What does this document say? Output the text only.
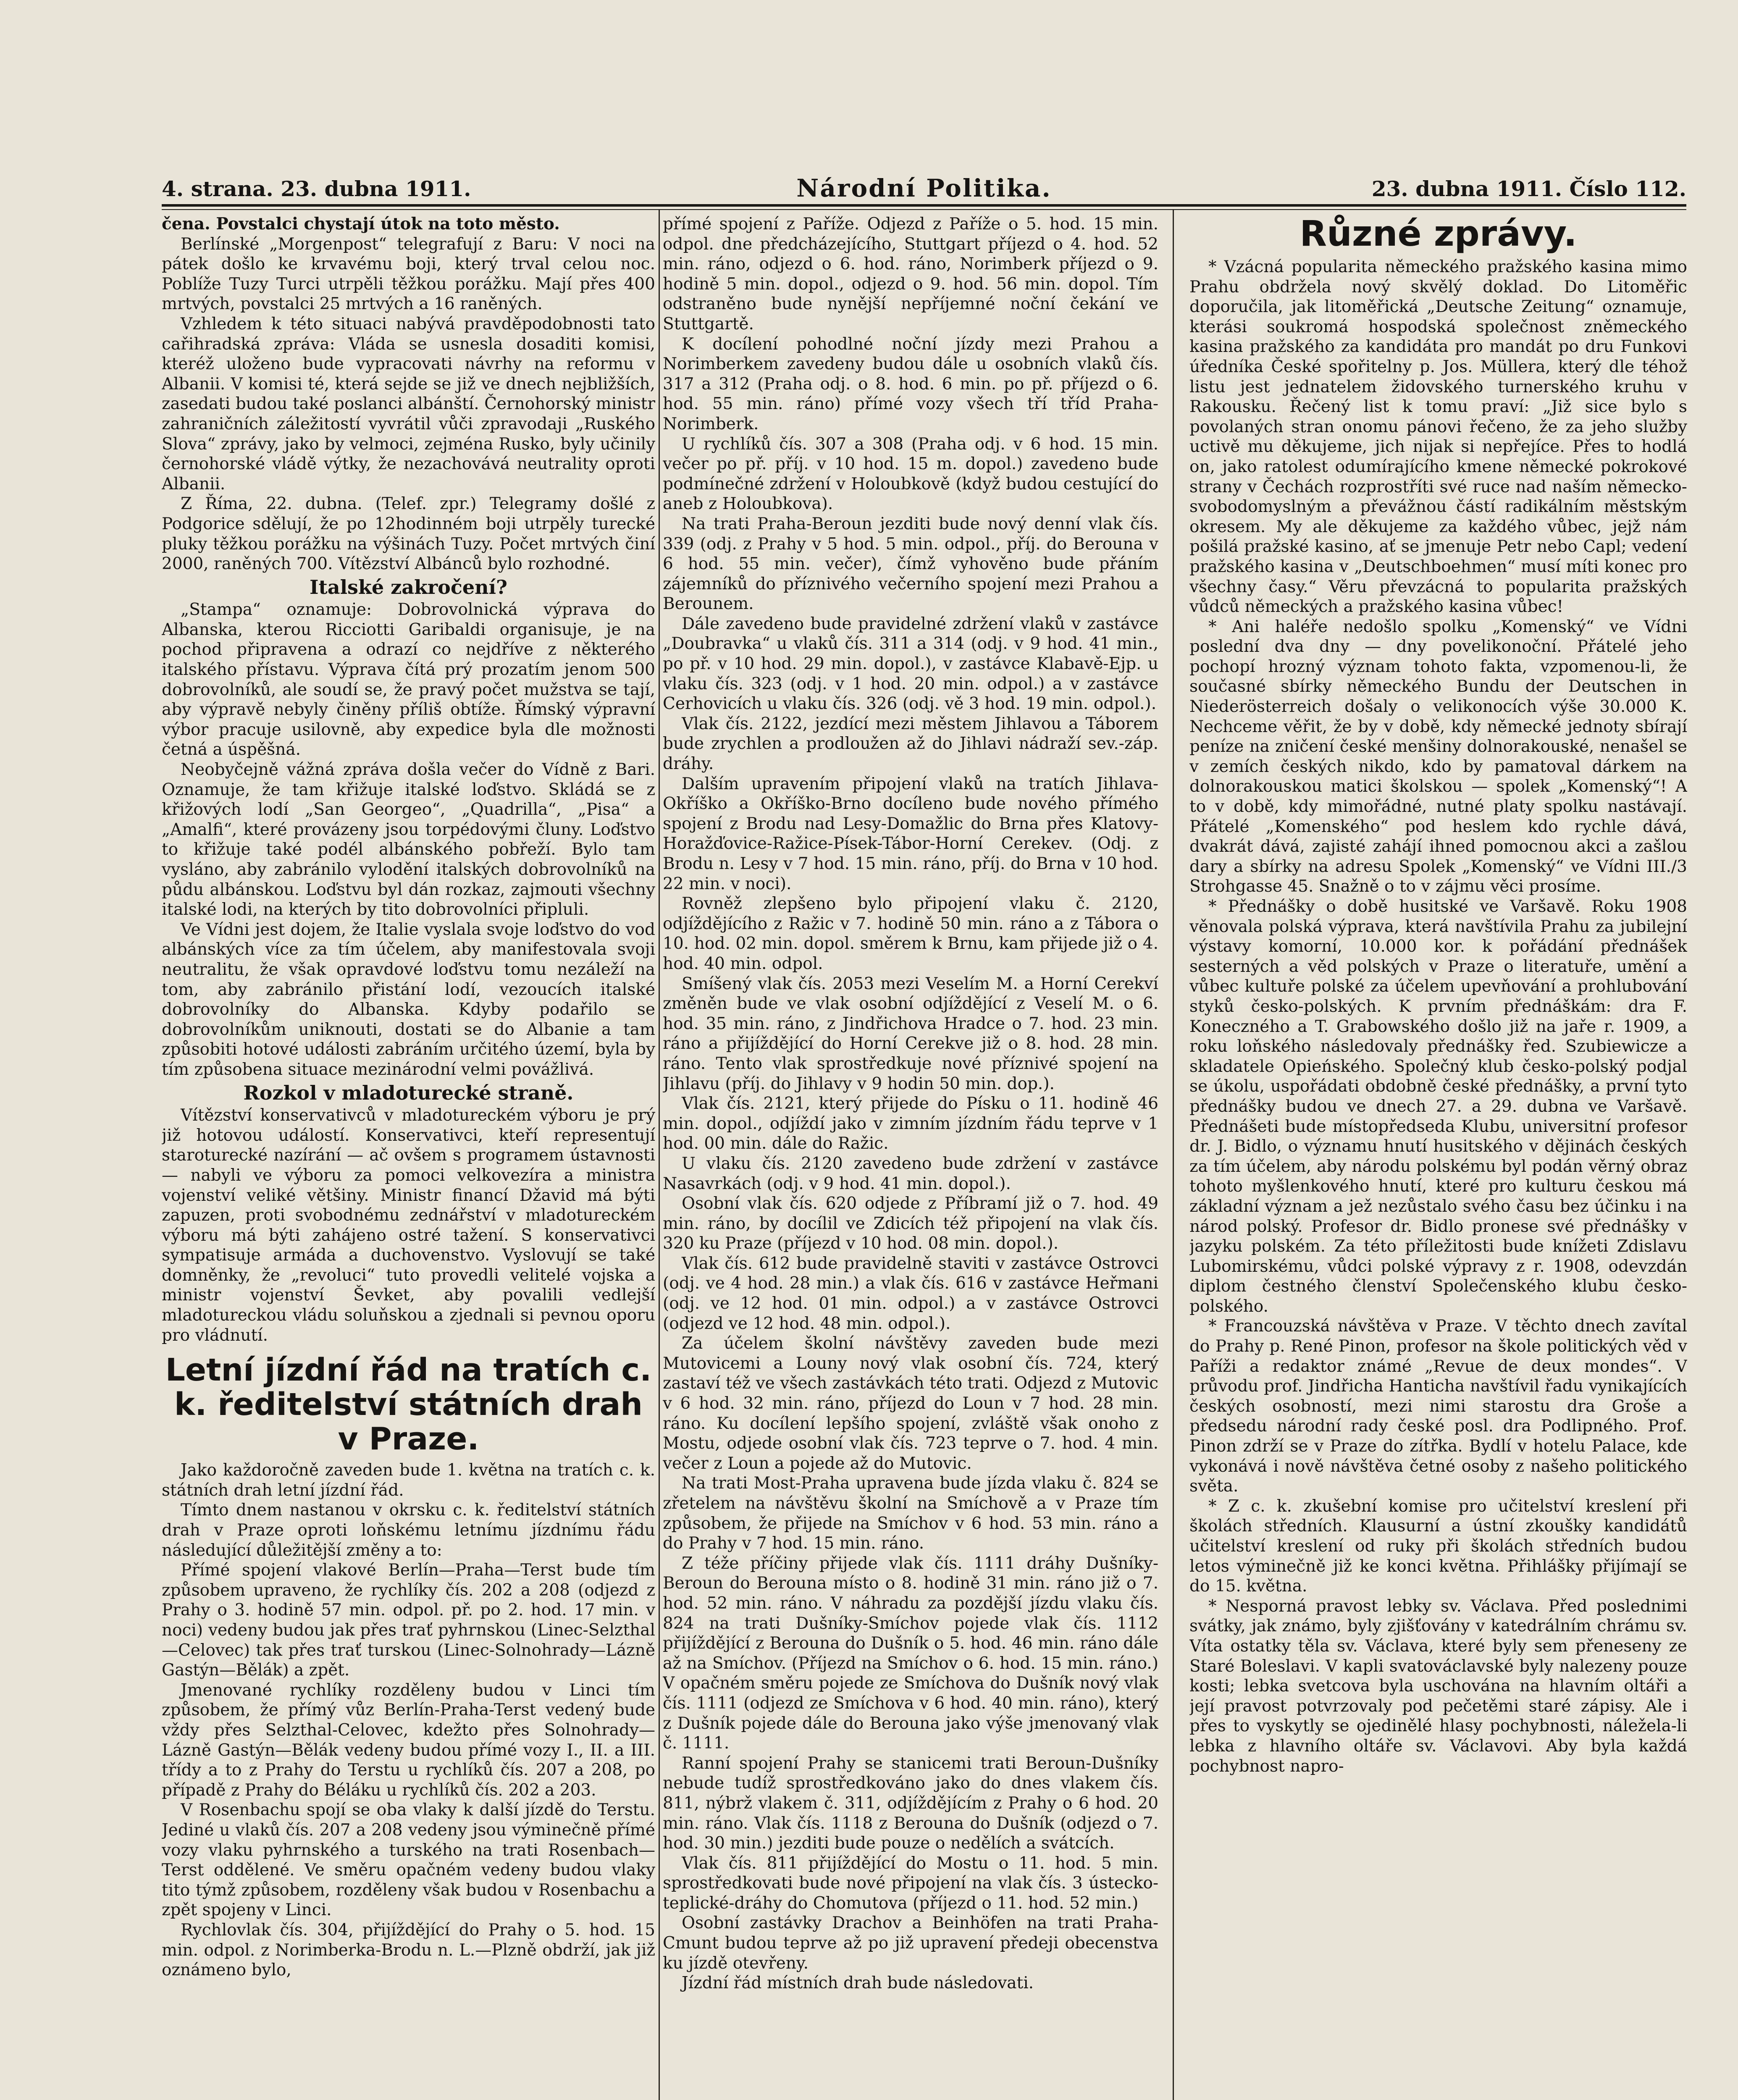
4. strana. 23. dubna 1911.	Národní Politika.	23. dubna 1911. Číslo 112.

čena. Povstalci chystají útok na toto město.

Berlínské „Morgenpost“ telegrafují z Baru: V noci na pátek došlo ke krvavému boji, který trval celou noc. Poblíže Tuzy Turci utrpěli těžkou porážku. Mají přes 400 mrtvých, povstalci 25 mrtvých a 16 raněných.

Vzhledem k této situaci nabývá pravděpodobnosti tato cařihradská zpráva: Vláda se usnesla dosaditi komisi, kteréž uloženo bude vypracovati návrhy na reformu v Albanii. V komisi té, která sejde se již ve dnech nejbližších, zasedati budou také poslanci albánští. Černohorský ministr zahraničních záležitostí vyvrátil vůči zpravodaji „Ruského Slova“ zprávy, jako by velmoci, zejména Rusko, byly učinily černohorské vládě výtky, že nezachovává neutrality oproti Albanii.

Z Říma, 22. dubna. (Telef. zpr.) Telegramy došlé z Podgorice sdělují, že po 12hodinném boji utrpěly turecké pluky těžkou porážku na výšinách Tuzy. Počet mrtvých činí 2000, raněných 700. Vítězství Albánců bylo rozhodné.

Italské zakročení?

„Stampa“ oznamuje: Dobrovolnická výprava do Albanska, kterou Ricciotti Garibaldi organisuje, je na pochod připravena a odrazí co nejdříve z některého italského přístavu. Výprava čítá prý prozatím jenom 500 dobrovolníků, ale soudí se, že pravý počet mužstva se tají, aby výpravě nebyly činěny příliš obtíže. Římský výpravní výbor pracuje usilovně, aby expedice byla dle možnosti četná a úspěšná.

Neobyčejně vážná zpráva došla večer do Vídně z Bari. Oznamuje, že tam křižuje italské loďstvo. Skládá se z křižových lodí „San Georgeo“, „Quadrilla“, „Pisa“ a „Amalfi“, které provázeny jsou torpédovými čluny. Loďstvo to křižuje také podél albánského pobřeží. Bylo tam vysláno, aby zabránilo vylodění italských dobrovolníků na půdu albánskou. Loďstvu byl dán rozkaz, zajmouti všechny italské lodi, na kterých by tito dobrovolníci připluli.

Ve Vídni jest dojem, že Italie vyslala svoje loďstvo do vod albánských více za tím účelem, aby manifestovala svoji neutralitu, že však opravdové loďstvu tomu nezáleží na tom, aby zabránilo přistání lodí, vezoucích italské dobrovolníky do Albanska. Kdyby podařilo se dobrovolníkům uniknouti, dostati se do Albanie a tam způsobiti hotové události zabráním určitého území, byla by tím způsobena situace mezinárodní velmi povážlivá.

Rozkol v mladoturecké straně.

Vítězství konservativců v mladotureckém výboru je prý již hotovou událostí. Konservativci, kteří representují staroturecké nazírání — ač ovšem s programem ústavnosti — nabyli ve výboru za pomoci velkovezíra a ministra vojenství veliké většiny. Ministr financí Džavid má býti zapuzen, proti svobodnému zednářství v mladotureckém výboru má býti zahájeno ostré tažení. S konservativci sympatisuje armáda a duchovenstvo. Vyslovují se také domněnky, že „revoluci“ tuto provedli velitelé vojska a ministr vojenství Ševket, aby povalili vedlejší mladotureckou vládu soluňskou a zjednali si pevnou oporu pro vládnutí.

Letní jízdní řád na tratích c. k. ředitelství státních drah v Praze.

Jako každoročně zaveden bude 1. května na tratích c. k. státních drah letní jízdní řád.

Tímto dnem nastanou v okrsku c. k. ředitelství státních drah v Praze oproti loňskému letnímu jízdnímu řádu následující důležitější změny a to:

Přímé spojení vlakové Berlín—Praha—Terst bude tím způsobem upraveno, že rychlíky čís. 202 a 208 (odjezd z Prahy o 3. hodině 57 min. odpol. př. po 2. hod. 17 min. v noci) vedeny budou jak přes trať pyhrnskou (Linec-Selzthal—Celovec) tak přes trať turskou (Linec-Solnohrady—Lázně Gastýn—Bělák) a zpět.

Jmenované rychlíky rozděleny budou v Linci tím způsobem, že přímý vůz Berlín-Praha-Terst vedený bude vždy přes Selzthal-Celovec, kdežto přes Solnohrady—Lázně Gastýn—Bělák vedeny budou přímé vozy I., II. a III. třídy a to z Prahy do Terstu u rychlíků čís. 207 a 208, po případě z Prahy do Béláku u rychlíků čís. 202 a 203.

V Rosenbachu spojí se oba vlaky k další jízdě do Terstu. Jediné u vlaků čís. 207 a 208 vedeny jsou výminečně přímé vozy vlaku pyhrnského a turského na trati Rosenbach—Terst oddělené. Ve směru opačném vedeny budou vlaky tito týmž způsobem, rozděleny však budou v Rosenbachu a zpět spojeny v Linci.

Rychlovlak čís. 304, přijíždějící do Prahy o 5. hod. 15 min. odpol. z Norimberka-Brodu n. L.—Plzně obdrží, jak již oznámeno bylo,

přímé spojení z Paříže. Odjezd z Paříže o 5. hod. 15 min. odpol. dne předcházejícího, Stuttgart příjezd o 4. hod. 52 min. ráno, odjezd o 6. hod. ráno, Norimberk příjezd o 9. hodině 5 min. dopol., odjezd o 9. hod. 56 min. dopol. Tím odstraněno bude nynější nepříjemné noční čekání ve Stuttgartě.

K docílení pohodlné noční jízdy mezi Prahou a Norimberkem zavedeny budou dále u osobních vlaků čís. 317 a 312 (Praha odj. o 8. hod. 6 min. po př. příjezd o 6. hod. 55 min. ráno) přímé vozy všech tří tříd Praha-Norimberk.

U rychlíků čís. 307 a 308 (Praha odj. v 6 hod. 15 min. večer po př. příj. v 10 hod. 15 m. dopol.) zavedeno bude podmínečné zdržení v Holoubkově (když budou cestující do aneb z Holoubkova).

Na trati Praha-Beroun jezditi bude nový denní vlak čís. 339 (odj. z Prahy v 5 hod. 5 min. odpol., příj. do Berouna v 6 hod. 55 min. večer), čímž vyhověno bude přáním zájemníků do příznivého večerního spojení mezi Prahou a Berounem.

Dále zavedeno bude pravidelné zdržení vlaků v zastávce „Doubravka“ u vlaků čís. 311 a 314 (odj. v 9 hod. 41 min., po př. v 10 hod. 29 min. dopol.), v zastávce Klabavě-Ejp. u vlaku čís. 323 (odj. v 1 hod. 20 min. odpol.) a v zastávce Cerhovicích u vlaku čís. 326 (odj. vě 3 hod. 19 min. odpol.).

Vlak čís. 2122, jezdící mezi městem Jihlavou a Táborem bude zrychlen a prodloužen až do Jihlavi nádraží sev.-záp. dráhy.

Dalším upravením připojení vlaků na tratích Jihlava-Okříško a Okříško-Brno docíleno bude nového přímého spojení z Brodu nad Lesy-Domažlic do Brna přes Klatovy-Horažďovice-Ražice-Písek-Tábor-Horní Cerekev. (Odj. z Brodu n. Lesy v 7 hod. 15 min. ráno, příj. do Brna v 10 hod. 22 min. v noci).

Rovněž zlepšeno bylo připojení vlaku č. 2120, odjíždějícího z Ražic v 7. hodině 50 min. ráno a z Tábora o 10. hod. 02 min. dopol. směrem k Brnu, kam přijede již o 4. hod. 40 min. odpol.

Smíšený vlak čís. 2053 mezi Veselím M. a Horní Cerekví změněn bude ve vlak osobní odjíždějící z Veselí M. o 6. hod. 35 min. ráno, z Jindřichova Hradce o 7. hod. 23 min. ráno a přijíždějící do Horní Cerekve již o 8. hod. 28 min. ráno. Tento vlak sprostředkuje nové příznivé spojení na Jihlavu (příj. do Jihlavy v 9 hodin 50 min. dop.).

Vlak čís. 2121, který přijede do Písku o 11. hodině 46 min. dopol., odjíždí jako v zimním jízdním řádu teprve v 1 hod. 00 min. dále do Ražic.

U vlaku čís. 2120 zavedeno bude zdržení v zastávce Nasavrkách (odj. v 9 hod. 41 min. dopol.).

Osobní vlak čís. 620 odjede z Příbramí již o 7. hod. 49 min. ráno, by docílil ve Zdicích též připojení na vlak čís. 320 ku Praze (příjezd v 10 hod. 08 min. dopol.).

Vlak čís. 612 bude pravidelně staviti v zastávce Ostrovci (odj. ve 4 hod. 28 min.) a vlak čís. 616 v zastávce Heřmani (odj. ve 12 hod. 01 min. odpol.) a v zastávce Ostrovci (odjezd ve 12 hod. 48 min. odpol.).

Za účelem školní návštěvy zaveden bude mezi Mutovicemi a Louny nový vlak osobní čís. 724, který zastaví též ve všech zastávkách této trati. Odjezd z Mutovic v 6 hod. 32 min. ráno, příjezd do Loun v 7 hod. 28 min. ráno. Ku docílení lepšího spojení, zvláště však onoho z Mostu, odjede osobní vlak čís. 723 teprve o 7. hod. 4 min. večer z Loun a pojede až do Mutovic.

Na trati Most-Praha upravena bude jízda vlaku č. 824 se zřetelem na návštěvu školní na Smíchově a v Praze tím způsobem, že přijede na Smíchov v 6 hod. 53 min. ráno a do Prahy v 7 hod. 15 min. ráno.

Z téže příčiny přijede vlak čís. 1111 dráhy Dušníky-Beroun do Berouna místo o 8. hodině 31 min. ráno již o 7. hod. 52 min. ráno. V náhradu za pozdější jízdu vlaku čís. 824 na trati Dušníky-Smíchov pojede vlak čís. 1112 přijíždějící z Berouna do Dušník o 5. hod. 46 min. ráno dále až na Smíchov. (Příjezd na Smíchov o 6. hod. 15 min. ráno.) V opačném směru pojede ze Smíchova do Dušník nový vlak čís. 1111 (odjezd ze Smíchova v 6 hod. 40 min. ráno), který z Dušník pojede dále do Berouna jako výše jmenovaný vlak č. 1111.

Ranní spojení Prahy se stanicemi trati Beroun-Dušníky nebude tudíž sprostředkováno jako do dnes vlakem čís. 811, nýbrž vlakem č. 311, odjíždějícím z Prahy o 6 hod. 20 min. ráno. Vlak čís. 1118 z Berouna do Dušník (odjezd o 7. hod. 30 min.) jezditi bude pouze o nedělích a svátcích.

Vlak čís. 811 přijíždějící do Mostu o 11. hod. 5 min. sprostředkovati bude nové připojení na vlak čís. 3 ústecko-teplické-dráhy do Chomutova (příjezd o 11. hod. 52 min.)

Osobní zastávky Drachov a Beinhöfen na trati Praha-Cmunt budou teprve až po již upravení předeji obecenstva ku jízdě otevřeny.

Jízdní řád místních drah bude následovati.

Různé zprávy.

* Vzácná popularita německého pražského kasina mimo Prahu obdržela nový skvělý doklad. Do Litoměřic doporučila, jak litoměřická „Deutsche Zeitung“ oznamuje, kterási soukromá hospodská společnost zněmeckého kasina pražského za kandidáta pro mandát po dru Funkovi úředníka České spořitelny p. Jos. Müllera, který dle téhož listu jest jednatelem židovského turnerského kruhu v Rakousku. Řečený list k tomu praví: „Již sice bylo s povolaných stran onomu pánovi řečeno, že za jeho služby uctivě mu děkujeme, jich nijak si nepřejíce. Přes to hodlá on, jako ratolest odumírajícího kmene německé pokrokové strany v Čechách rozprostříti své ruce nad naším německo-svobodomyslným a převážnou částí radikálním městským okresem. My ale děkujeme za každého vůbec, jejž nám pošilá pražské kasino, ať se jmenuje Petr nebo Capl; vedení pražského kasina v „Deutschboehmen“ musí míti konec pro všechny časy.“ Věru převzácná to popularita pražských vůdců německých a pražského kasina vůbec!

* Ani haléře nedošlo spolku „Komenský“ ve Vídni poslední dva dny — dny povelikonoční. Přátelé jeho pochopí hrozný význam tohoto fakta, vzpomenou-li, že současné sbírky německého Bundu der Deutschen in Niederösterreich došaly o velikonocích výše 30.000 K. Nechceme věřit, že by v době, kdy německé jednoty sbírají peníze na zničení české menšiny dolnorakouské, nenašel se v zemích českých nikdo, kdo by pamatoval dárkem na dolnorakouskou matici školskou — spolek „Komenský“! A to v době, kdy mimořádné, nutné platy spolku nastávají. Přátelé „Komenského“ pod heslem kdo rychle dává, dvakrát dává, zajisté zahájí ihned pomocnou akci a zašlou dary a sbírky na adresu Spolek „Komenský“ ve Vídni III./3 Strohgasse 45. Snažně o to v zájmu věci prosíme.

* Přednášky o době husitské ve Varšavě. Roku 1908 věnovala polská výprava, která navštívila Prahu za jubilejní výstavy komorní, 10.000 kor. k pořádání přednášek sesterných a věd polských v Praze o literatuře, umění a vůbec kultuře polské za účelem upevňování a prohlubování styků česko-polských. K prvním přednáškám: dra F. Koneczného a T. Grabowského došlo již na jaře r. 1909, a roku loňského následovaly přednášky řed. Szubiewicze a skladatele Opieńského. Společný klub česko-polský podjal se úkolu, uspořádati obdobně české přednášky, a první tyto přednášky budou ve dnech 27. a 29. dubna ve Varšavě. Přednášeti bude místopředseda Klubu, universitní profesor dr. J. Bidlo, o významu hnutí husitského v dějinách českých za tím účelem, aby národu polskému byl podán věrný obraz tohoto myšlenkového hnutí, které pro kulturu českou má základní význam a jež nezůstalo svého času bez účinku i na národ polský. Profesor dr. Bidlo pronese své přednášky v jazyku polském. Za této příležitosti bude knížeti Zdislavu Lubomirskému, vůdci polské výpravy z r. 1908, odevzdán diplom čestného členství Společenského klubu česko-polského.

* Francouzská návštěva v Praze. V těchto dnech zavítal do Prahy p. René Pinon, profesor na škole politických věd v Paříži a redaktor známé „Revue de deux mondes“. V průvodu prof. Jindřicha Hantichа navštívil řadu vynikajících českých osobností, mezi nimi starostu dra Groše a předsedu národní rady české posl. dra Podlipného. Prof. Pinon zdrží se v Praze do zítřka. Bydlí v hotelu Palace, kde vykonává i nově návštěva četné osoby z našeho politického světa.

* Z c. k. zkušební komise pro učitelství kreslení při školách středních. Klausurní a ústní zkoušky kandidátů učitelství kreslení od ruky při školách středních budou letos výminečně již ke konci května. Přihlášky přijímají se do 15. května.

* Nesporná pravost lebky sv. Václava. Před poslednimi svátky, jak známo, byly zjišťovány v katedrálním chrámu sv. Víta ostatky těla sv. Václava, které byly sem přeneseny ze Staré Boleslavi. V kapli svatováclavské byly nalezeny pouze kosti; lebka svetcova byla uschována na hlavním oltáři a její pravost potvrzovaly pod pečetěmi staré zápisy. Ale i přes to vyskytly se ojedinělé hlasy pochybnosti, náležela-li lebka z hlavního oltáře sv. Václavovi. Aby byla každá pochybnost napro-
